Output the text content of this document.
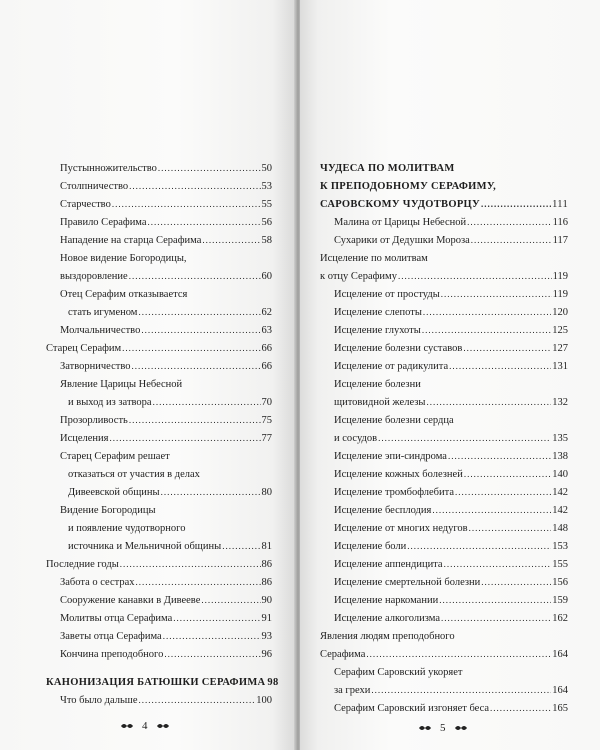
Пустынножительство .....	50
Столпничество .....	53
Старчество .....	55
Правило Серафима .....	56
Нападение на старца Серафима .....	58
Новое видение Богородицы,
выздоровление .....	60
Отец Серафим отказывается
стать игуменом .....	62
Молчальничество .....	63
Старец Серафим .....	66
Затворничество .....	66
Явление Царицы Небесной
и выход из затвора .....	70
Прозорливость .....	75
Исцеления .....	77
Старец Серафим решает
отказаться от участия в делах
Дивеевской общины .....	80
Видение Богородицы
и появление чудотворного
источника и Мельничной общины .....	81
Последние годы .....	86
Забота о сестрах .....	86
Сооружение канавки в Дивееве .....	90
Молитвы отца Серафима .....	91
Заветы отца Серафима .....	93
Кончина преподобного .....	96
КАНОНИЗАЦИЯ БАТЮШКИ СЕРАФИМА 98
Что было дальше .....	100
4
ЧУДЕСА ПО МОЛИТВАМ
К ПРЕПОДОБНОМУ СЕРАФИМУ,
САРОВСКОМУ ЧУДОТВОРЦУ .....	111
Малина от Царицы Небесной .....	116
Сухарики от Дедушки Мороза .....	117
Исцеление по молитвам
к отцу Серафиму .....	119
Исцеление от простуды .....	119
Исцеление слепоты .....	120
Исцеление глухоты .....	125
Исцеление болезни суставов .....	127
Исцеление от радикулита .....	131
Исцеление болезни
щитовидной железы .....	132
Исцеление болезни сердца
и сосудов .....	135
Исцеление эпи-синдрома .....	138
Исцеление кожных болезней .....	140
Исцеление тромбофлебита .....	142
Исцеление бесплодия .....	142
Исцеление от многих недугов .....	148
Исцеление боли .....	153
Исцеление аппендицита .....	155
Исцеление смертельной болезни .....	156
Исцеление наркомании .....	159
Исцеление алкоголизма .....	162
Явления людям преподобного
Серафима .....	164
Серафим Саровский укоряет
за грехи .....	164
Серафим Саровский изгоняет беса .....	165
5
